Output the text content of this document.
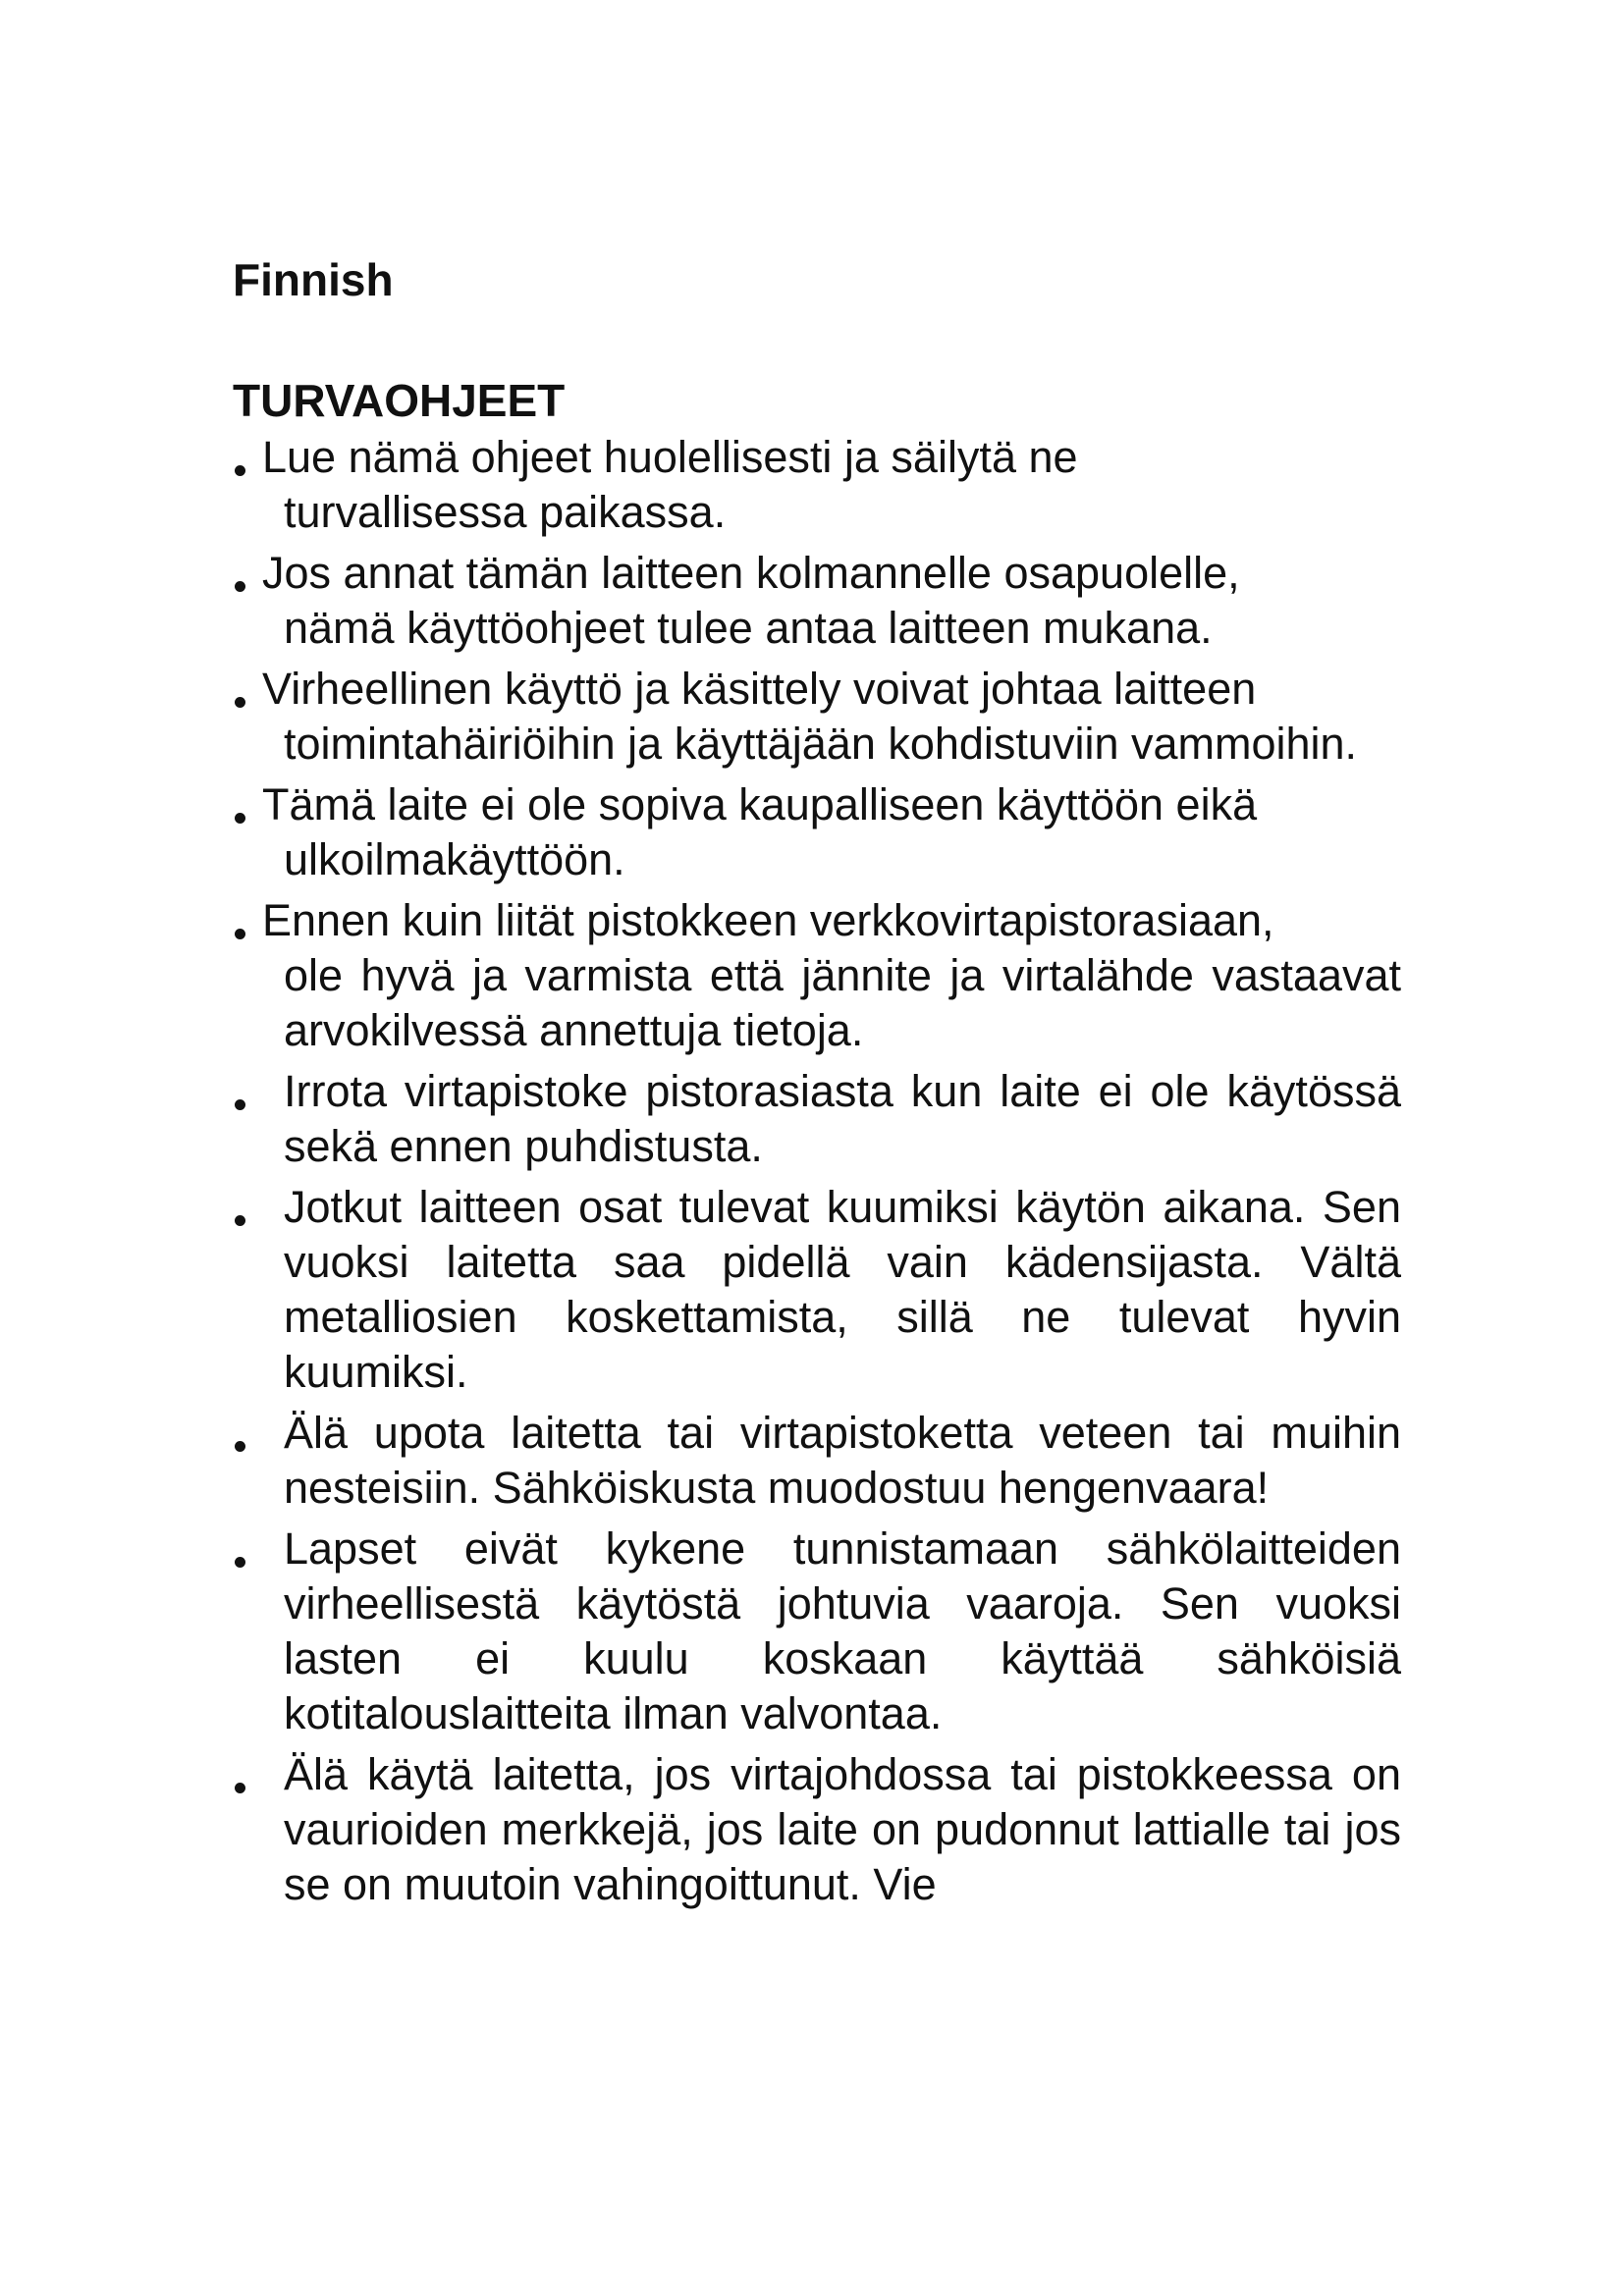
Finnish
TURVAOHJEET
Lue nämä ohjeet huolellisesti ja säilytä ne
turvallisessa paikassa.
Jos annat tämän laitteen kolmannelle osapuolelle,
nämä käyttöohjeet tulee antaa laitteen mukana.
Virheellinen käyttö ja käsittely voivat johtaa laitteen
toimintahäiriöihin ja käyttäjään kohdistuviin vammoihin.
Tämä laite ei ole sopiva kaupalliseen käyttöön eikä
ulkoilmakäyttöön.
Ennen kuin liität pistokkeen verkkovirtapistorasiaan,
ole hyvä ja varmista että jännite ja virtalähde vastaavat arvokilvessä annettuja tietoja.
Irrota virtapistoke pistorasiasta kun laite ei ole käytössä sekä ennen puhdistusta.
Jotkut laitteen osat tulevat kuumiksi käytön aikana. Sen vuoksi laitetta saa pidellä vain kädensijasta. Vältä metalliosien koskettamista, sillä ne tulevat hyvin kuumiksi.
Älä upota laitetta tai virtapistoketta veteen tai muihin nesteisiin. Sähköiskusta muodostuu hengenvaara!
Lapset eivät kykene tunnistamaan sähkölaitteiden virheellisestä käytöstä johtuvia vaaroja. Sen vuoksi lasten ei kuulu koskaan käyttää sähköisiä kotitalouslaitteita ilman valvontaa.
Älä käytä laitetta, jos virtajohdossa tai pistokkeessa on vaurioiden merkkejä, jos laite on pudonnut lattialle tai jos se on muutoin vahingoittunut. Vie
